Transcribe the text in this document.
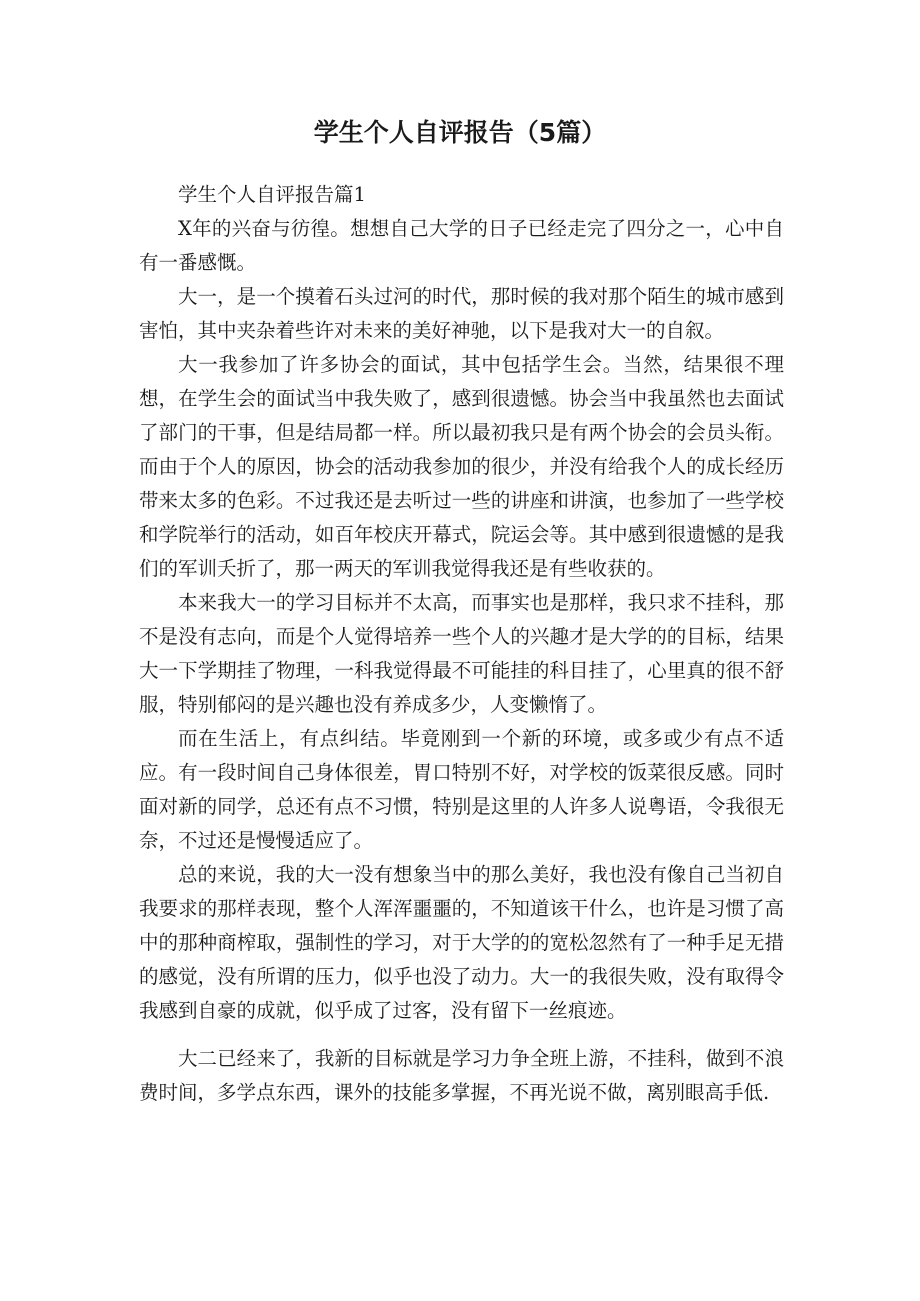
学生个人自评报告（5篇）

学生个人自评报告篇1

X年的兴奋与彷徨。想想自己大学的日子已经走完了四分之一，心中自有一番感慨。

大一，是一个摸着石头过河的时代，那时候的我对那个陌生的城市感到害怕，其中夹杂着些许对未来的美好神驰，以下是我对大一的自叙。

大一我参加了许多协会的面试，其中包括学生会。当然，结果很不理想，在学生会的面试当中我失败了，感到很遗憾。协会当中我虽然也去面试了部门的干事，但是结局都一样。所以最初我只是有两个协会的会员头衔。而由于个人的原因，协会的活动我参加的很少，并没有给我个人的成长经历带来太多的色彩。不过我还是去听过一些的讲座和讲演，也参加了一些学校和学院举行的活动，如百年校庆开幕式，院运会等。其中感到很遗憾的是我们的军训夭折了，那一两天的军训我觉得我还是有些收获的。

本来我大一的学习目标并不太高，而事实也是那样，我只求不挂科，那不是没有志向，而是个人觉得培养一些个人的兴趣才是大学的的目标，结果大一下学期挂了物理，一科我觉得最不可能挂的科目挂了，心里真的很不舒服，特别郁闷的是兴趣也没有养成多少，人变懒惰了。

而在生活上，有点纠结。毕竟刚到一个新的环境，或多或少有点不适应。有一段时间自己身体很差，胃口特别不好，对学校的饭菜很反感。同时面对新的同学，总还有点不习惯，特别是这里的人许多人说粤语，令我很无奈，不过还是慢慢适应了。

总的来说，我的大一没有想象当中的那么美好，我也没有像自己当初自我要求的那样表现，整个人浑浑噩噩的，不知道该干什么，也许是习惯了高中的那种商榨取，强制性的学习，对于大学的的宽松忽然有了一种手足无措的感觉，没有所谓的压力，似乎也没了动力。大一的我很失败，没有取得令我感到自豪的成就，似乎成了过客，没有留下一丝痕迹。

大二已经来了，我新的目标就是学习力争全班上游，不挂科，做到不浪费时间，多学点东西，课外的技能多掌握，不再光说不做，离别眼高手低.
